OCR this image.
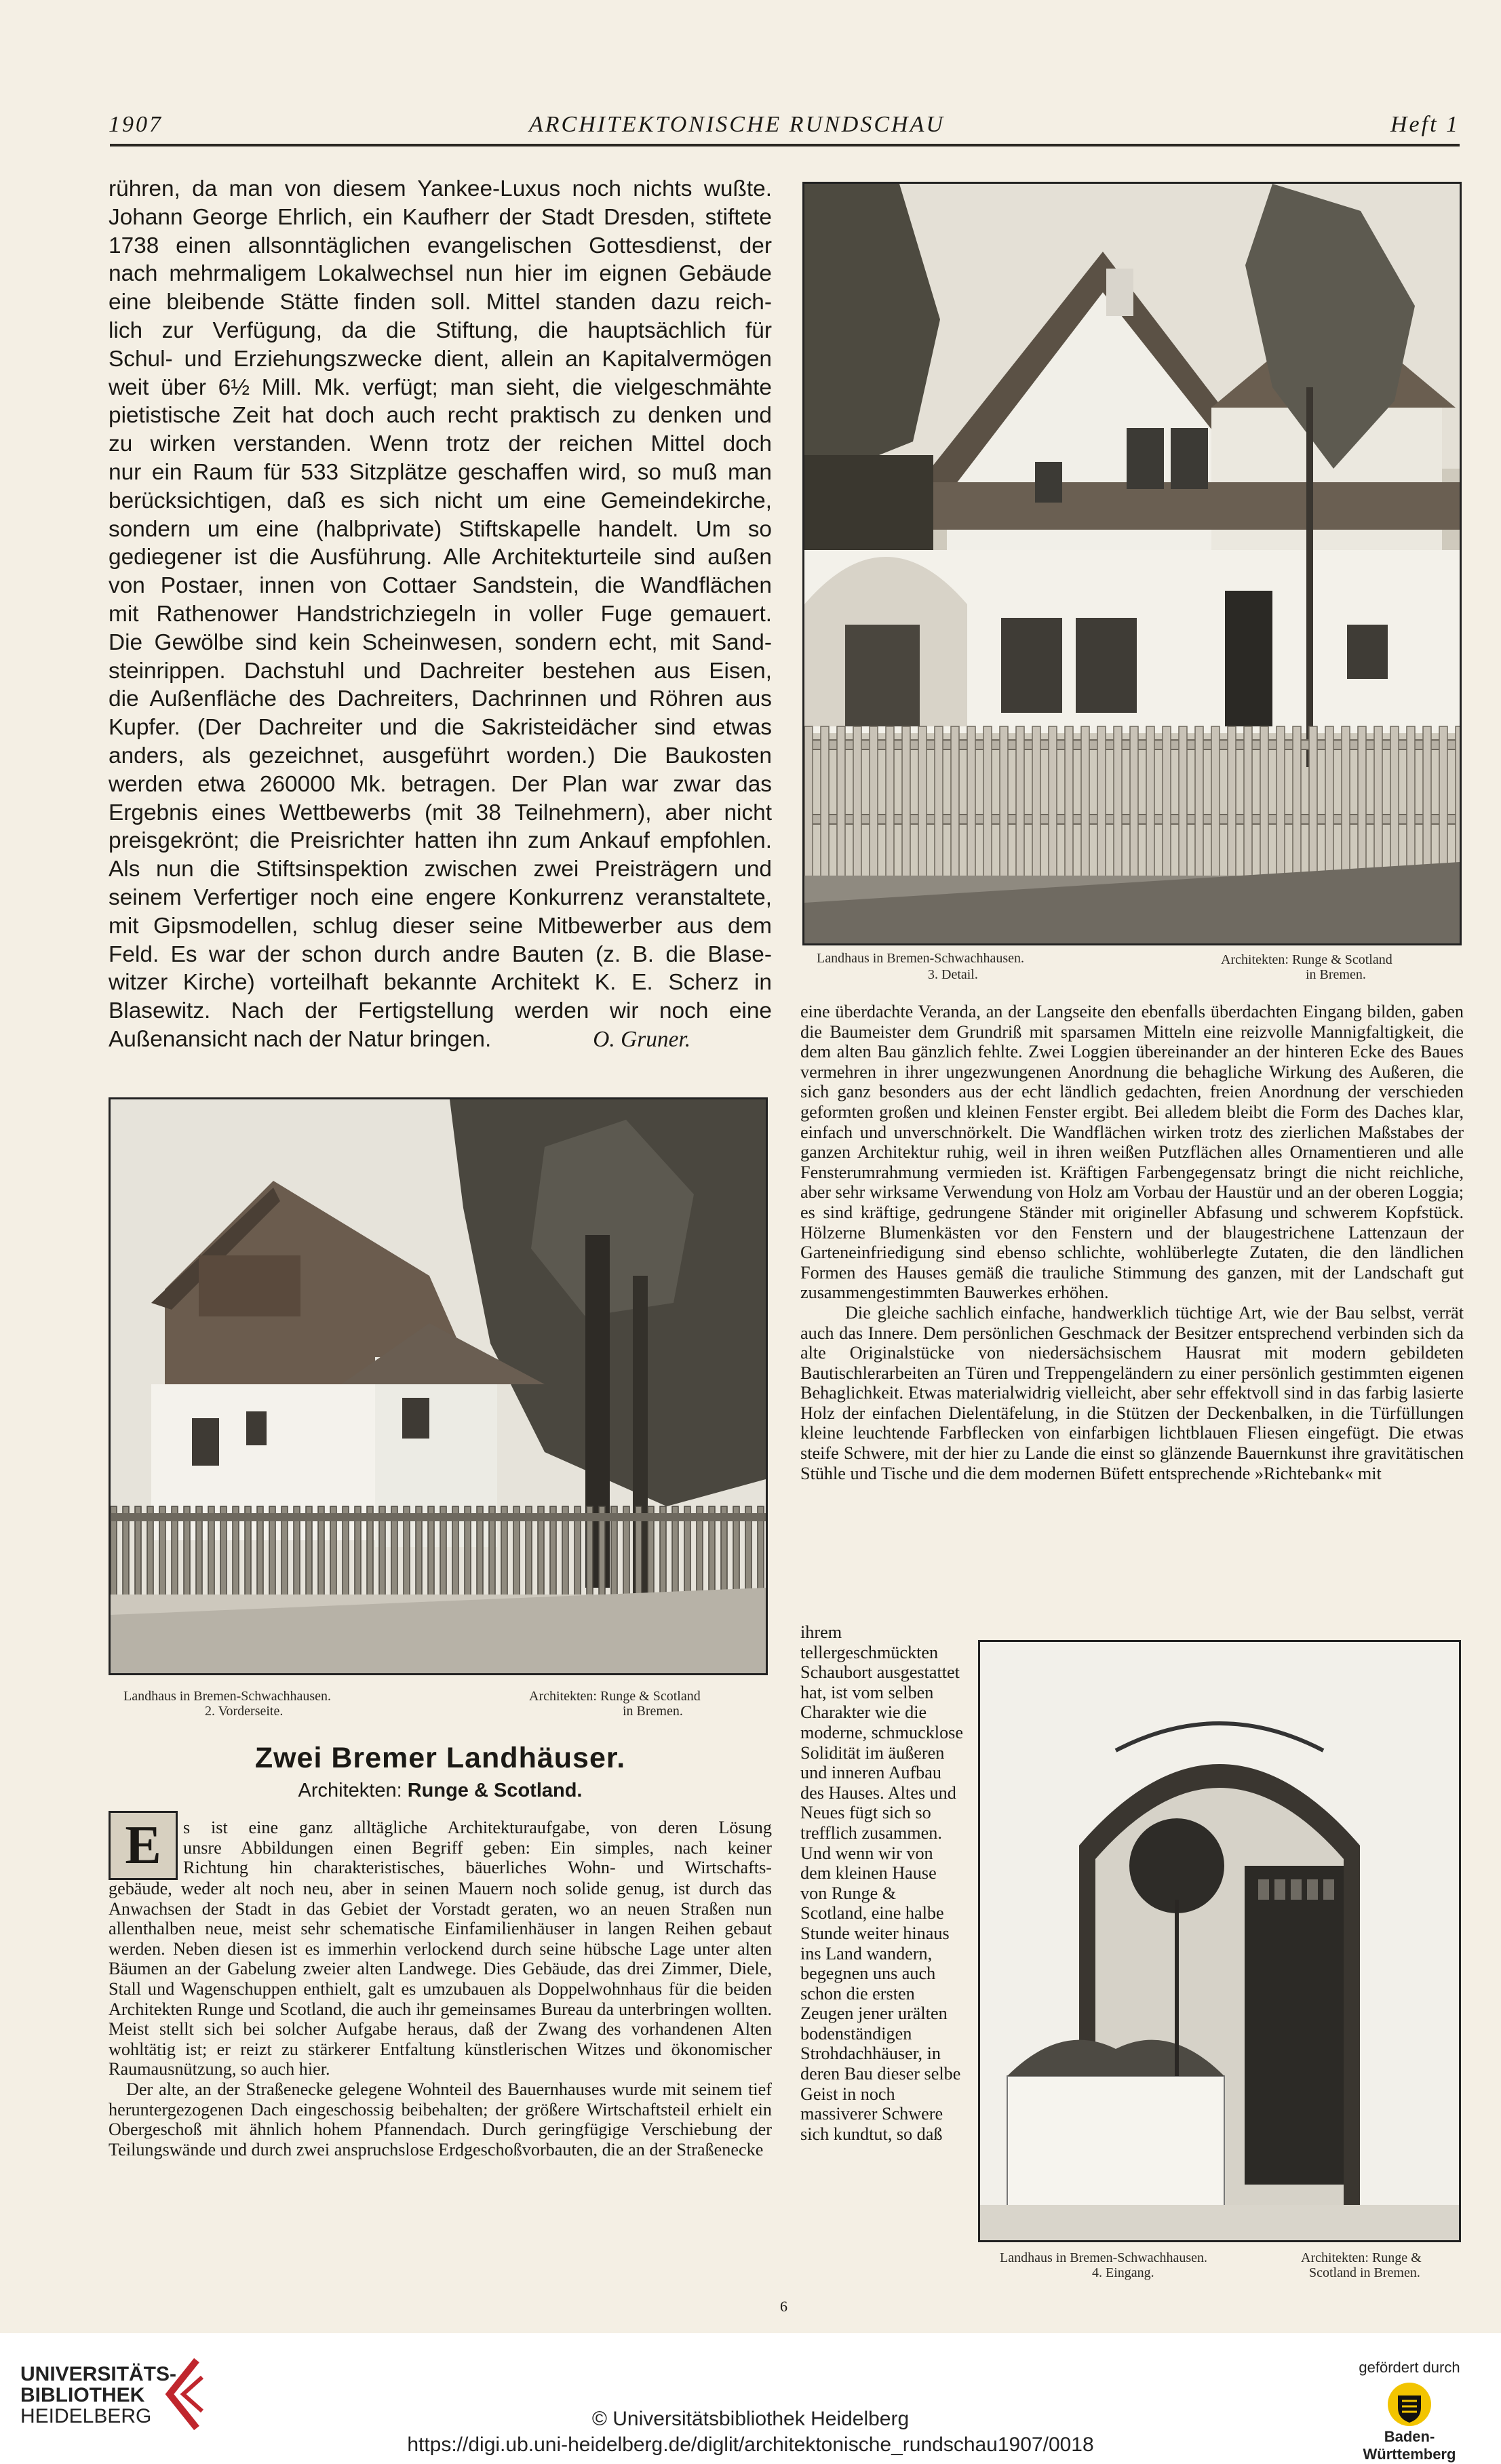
1907	ARCHITEKTONISCHE RUNDSCHAU	Heft 1

rühren, da man von diesem Yankee-Luxus noch nichts wußte.

Johann George Ehrlich, ein Kaufherr der Stadt Dresden, stiftete

1738 einen allsonntäglichen evangelischen Gottesdienst, der

nach mehrmaligem Lokalwechsel nun hier im eignen Gebäude

eine bleibende Stätte finden soll. Mittel standen dazu reich-

lich zur Verfügung, da die Stiftung, die hauptsächlich für

Schul- und Erziehungszwecke dient, allein an Kapitalvermögen

weit über 6½ Mill. Mk. verfügt; man sieht, die vielgeschmähte

pietistische Zeit hat doch auch recht praktisch zu denken und

zu wirken verstanden. Wenn trotz der reichen Mittel doch

nur ein Raum für 533 Sitzplätze geschaffen wird, so muß man

berücksichtigen, daß es sich nicht um eine Gemeindekirche,

sondern um eine (halbprivate) Stiftskapelle handelt. Um so

gediegener ist die Ausführung. Alle Architekturteile sind außen

von Postaer, innen von Cottaer Sandstein, die Wandflächen

mit Rathenower Handstrichziegeln in voller Fuge gemauert.

Die Gewölbe sind kein Scheinwesen, sondern echt, mit Sand-

steinrippen. Dachstuhl und Dachreiter bestehen aus Eisen,

die Außenfläche des Dachreiters, Dachrinnen und Röhren aus

Kupfer. (Der Dachreiter und die Sakristeidächer sind etwas

anders, als gezeichnet, ausgeführt worden.) Die Baukosten

werden etwa 260000 Mk. betragen. Der Plan war zwar das

Ergebnis eines Wettbewerbs (mit 38 Teilnehmern), aber nicht

preisgekrönt; die Preisrichter hatten ihn zum Ankauf empfohlen.

Als nun die Stiftsinspektion zwischen zwei Preisträgern und

seinem Verfertiger noch eine engere Konkurrenz veranstaltete,

mit Gipsmodellen, schlug dieser seine Mitbewerber aus dem

Feld. Es war der schon durch andre Bauten (z. B. die Blase-

witzer Kirche) vorteilhaft bekannte Architekt K. E. Scherz in

Blasewitz. Nach der Fertigstellung werden wir noch eine

Außenansicht nach der Natur bringen.	O. Gruner.

Landhaus in Bremen-Schwachhausen.
3. Detail.
Architekten: Runge & Scotland
in Bremen.
Landhaus in Bremen-Schwachhausen.
2. Vorderseite.
Architekten: Runge & Scotland
in Bremen.
Zwei Bremer Landhäuser.
Architekten: Runge & Scotland.
E	s ist eine ganz alltägliche Architekturaufgabe, von deren Lösung
unsre Abbildungen einen Begriff geben: Ein simples, nach keiner
Richtung hin charakteristisches, bäuerliches Wohn- und Wirtschafts-

gebäude, weder alt noch neu, aber in seinen Mauern noch solide genug, ist durch das Anwachsen der Stadt in das Gebiet der Vorstadt geraten, wo an neuen Straßen nun allenthalben neue, meist sehr schematische Einfamilienhäuser in langen Reihen gebaut werden. Neben diesen ist es immerhin verlockend durch seine hübsche Lage unter alten Bäumen an der Gabelung zweier alten Landwege. Dies Gebäude, das drei Zimmer, Diele, Stall und Wagenschuppen enthielt, galt es umzubauen als Doppelwohnhaus für die beiden Architekten Runge und Scotland, die auch ihr gemeinsames Bureau da unterbringen wollten. Meist stellt sich bei solcher Aufgabe heraus, daß der Zwang des vorhandenen Alten wohltätig ist; er reizt zu stärkerer Entfaltung künstlerischen Witzes und ökonomischer Raumausnützung, so auch hier.

Der alte, an der Straßenecke gelegene Wohnteil des Bauernhauses wurde mit seinem tief heruntergezogenen Dach eingeschossig beibehalten; der größere Wirtschaftsteil erhielt ein Obergeschoß mit ähnlich hohem Pfannendach. Durch geringfügige Verschiebung der Teilungswände und durch zwei anspruchslose Erdgeschoßvorbauten, die an der Straßenecke

eine überdachte Veranda, an der Langseite den ebenfalls überdachten Eingang bilden, gaben die Baumeister dem Grundriß mit sparsamen Mitteln eine reizvolle Mannigfaltigkeit, die dem alten Bau gänzlich fehlte. Zwei Loggien übereinander an der hinteren Ecke des Baues vermehren in ihrer ungezwungenen Anordnung die behagliche Wirkung des Außeren, die sich ganz besonders aus der echt ländlich gedachten, freien Anordnung der verschieden geformten großen und kleinen Fenster ergibt. Bei alledem bleibt die Form des Daches klar, einfach und unverschnörkelt. Die Wandflächen wirken trotz des zierlichen Maßstabes der ganzen Architektur ruhig, weil in ihren weißen Putzflächen alles Ornamentieren und alle Fensterumrahmung vermieden ist. Kräftigen Farbengegensatz bringt die nicht reichliche, aber sehr wirksame Verwendung von Holz am Vorbau der Haustür und an der oberen Loggia; es sind kräftige, gedrungene Ständer mit origineller Abfasung und schwerem Kopfstück. Hölzerne Blumenkästen vor den Fenstern und der blaugestrichene Lattenzaun der Garteneinfriedigung sind ebenso schlichte, wohlüberlegte Zutaten, die den ländlichen Formen des Hauses gemäß die trauliche Stimmung des ganzen, mit der Landschaft gut zusammengestimmten Bauwerkes erhöhen.

Die gleiche sachlich einfache, handwerklich tüchtige Art, wie der Bau selbst, verrät auch das Innere. Dem persönlichen Geschmack der Besitzer entsprechend verbinden sich da alte Originalstücke von niedersächsischem Hausrat mit modern gebildeten Bautischlerarbeiten an Türen und Treppengeländern zu einer persönlich gestimmten eigenen Behaglichkeit. Etwas materialwidrig vielleicht, aber sehr effektvoll sind in das farbig lasierte Holz der einfachen Dielentäfelung, in die Stützen der Deckenbalken, in die Türfüllungen kleine leuchtende Farbflecken von einfarbigen lichtblauen Fliesen eingefügt. Die etwas steife Schwere, mit der hier zu Lande die einst so glänzende Bauernkunst ihre gravitätischen Stühle und Tische und die dem modernen Büfett entsprechende »Richtebank« mit

ihrem tellergeschmückten Schaubort ausgestattet hat, ist vom selben Charakter wie die moderne, schmucklose Solidität im äußeren und inneren Aufbau des Hauses. Altes und Neues fügt sich so trefflich zusammen. Und wenn wir von dem kleinen Hause von Runge & Scotland, eine halbe Stunde weiter hinaus ins Land wandern, begegnen uns auch schon die ersten Zeugen jener urälten bodenständigen Strohdachhäuser, in deren Bau dieser selbe Geist in noch massiverer Schwere sich kundtut, so daß
Landhaus in Bremen-Schwachhausen.
4. Eingang.
Architekten: Runge &
Scotland in Bremen.
6
UNIVERSITÄTS-
BIBLIOTHEK
HEIDELBERG	© Universitätsbibliothek Heidelberg
https://digi.ub.uni-heidelberg.de/diglit/architektonische_rundschau1907/0018
gefördert durch
Baden-Württemberg
